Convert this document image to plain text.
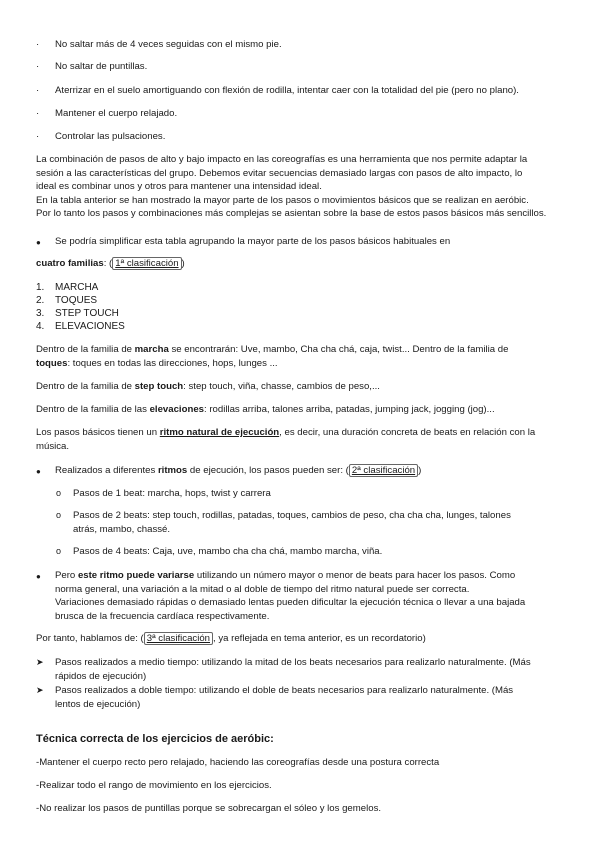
· No saltar más de 4 veces seguidas con el mismo pie.
· No saltar de puntillas.
· Aterrizar en el suelo amortiguando con flexión de rodilla, intentar caer con la totalidad del pie (pero no plano).
· Mantener el cuerpo relajado.
· Controlar las pulsaciones.
La combinación de pasos de alto y bajo impacto en las coreografías es una herramienta que nos permite adaptar la
sesión a las características del grupo. Debemos evitar secuencias demasiado largas con pasos de alto impacto, lo
ideal es combinar unos y otros para mantener una intensidad ideal.
En la tabla anterior se han mostrado la mayor parte de los pasos o movimientos básicos que se realizan en aeróbic.
Por lo tanto los pasos y combinaciones más complejas se asientan sobre la base de estos pasos básicos más sencillos.
● Se podría simplificar esta tabla agrupando la mayor parte de los pasos básicos habituales en
cuatro familias: ( 1ª clasificación )
1. MARCHA
2. TOQUES
3. STEP TOUCH
4. ELEVACIONES
Dentro de la familia de marcha se encontrarán: Uve, mambo, Cha cha chá, caja, twist... Dentro de la familia de
toques: toques en todas las direcciones, hops, lunges ...
Dentro de la familia de step touch: step touch, viña, chasse, cambios de peso,...
Dentro de la familia de las elevaciones: rodillas arriba, talones arriba, patadas, jumping jack, jogging (jog)...
Los pasos básicos tienen un ritmo natural de ejecución, es decir, una duración concreta de beats en relación con la
música.
● Realizados a diferentes ritmos de ejecución, los pasos pueden ser: ( 2ª clasificación )
o Pasos de 1 beat: marcha, hops, twist y carrera
o Pasos de 2 beats: step touch, rodillas, patadas, toques, cambios de peso, cha cha cha, lunges, talones
atrás, mambo, chassé.
o Pasos de 4 beats: Caja, uve, mambo cha cha chá, mambo marcha, viña.
● Pero este ritmo puede variarse utilizando un número mayor o menor de beats para hacer los pasos. Como
norma general, una variación a la mitad o al doble de tiempo del ritmo natural puede ser correcta.
Variaciones demasiado rápidas o demasiado lentas pueden dificultar la ejecución técnica o llevar a una bajada
brusca de la frecuencia cardíaca respectivamente.
Por tanto, hablamos de: ( 3ª clasificación , ya reflejada en tema anterior, es un recordatorio)
➤ Pasos realizados a medio tiempo: utilizando la mitad de los beats necesarios para realizarlo naturalmente. (Más
rápidos de ejecución)
➤ Pasos realizados a doble tiempo: utilizando el doble de beats necesarios para realizarlo naturalmente. (Más
lentos de ejecución)
Técnica correcta de los ejercicios de aeróbic:
-Mantener el cuerpo recto pero relajado, haciendo las coreografías desde una postura correcta
-Realizar todo el rango de movimiento en los ejercicios.
-No realizar los pasos de puntillas porque se sobrecargan el sóleo y los gemelos.
